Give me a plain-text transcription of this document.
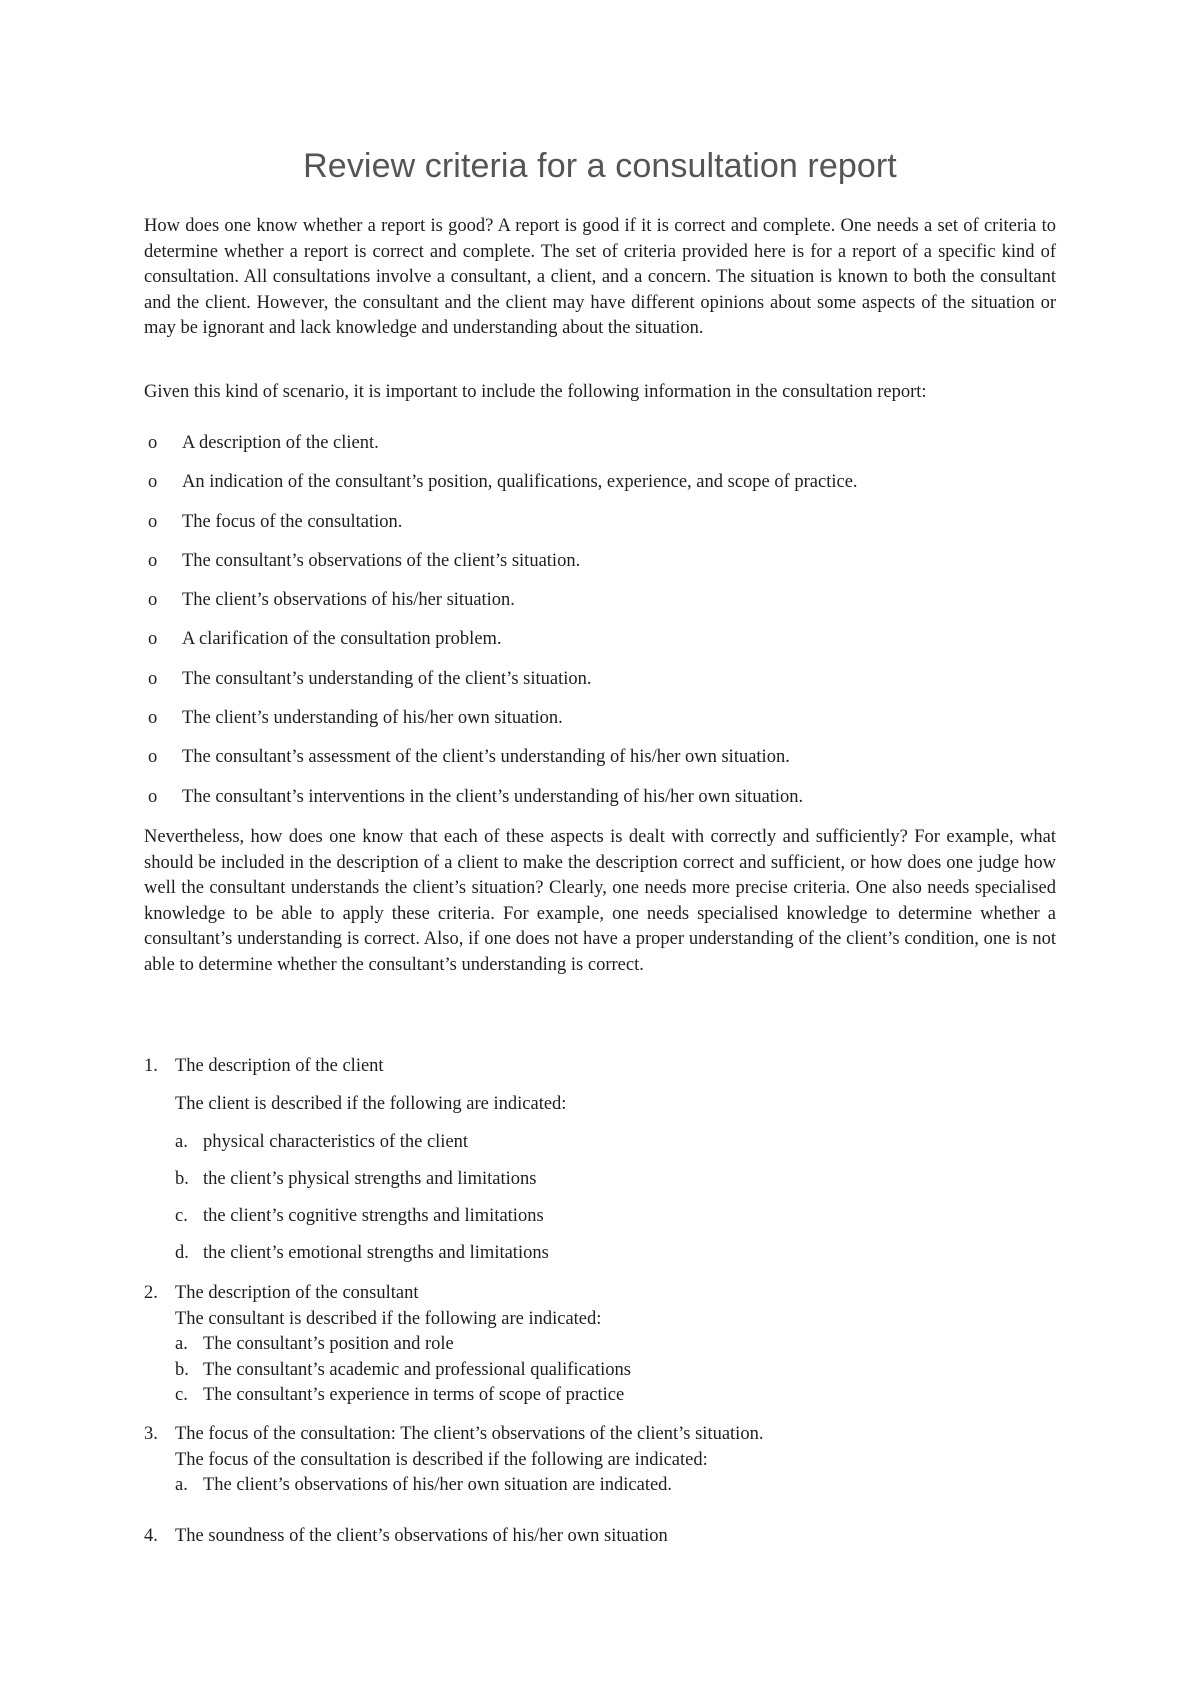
Review criteria for a consultation report

How does one know whether a report is good? A report is good if it is correct and complete. One needs a set of criteria to determine whether a report is correct and complete. The set of criteria provided here is for a report of a specific kind of consultation. All consultations involve a consultant, a client, and a concern. The situation is known to both the consultant and the client. However, the consultant and the client may have different opinions about some aspects of the situation or may be ignorant and lack knowledge and understanding about the situation.

Given this kind of scenario, it is important to include the following information in the consultation report:

o A description of the client.
o An indication of the consultant’s position, qualifications, experience, and scope of practice.
o The focus of the consultation.
o The consultant’s observations of the client’s situation.
o The client’s observations of his/her situation.
o A clarification of the consultation problem.
o The consultant’s understanding of the client’s situation.
o The client’s understanding of his/her own situation.
o The consultant’s assessment of the client’s understanding of his/her own situation.
o The consultant’s interventions in the client’s understanding of his/her own situation.

Nevertheless, how does one know that each of these aspects is dealt with correctly and sufficiently? For example, what should be included in the description of a client to make the description correct and sufficient, or how does one judge how well the consultant understands the client’s situation? Clearly, one needs more precise criteria. One also needs specialised knowledge to be able to apply these criteria. For example, one needs specialised knowledge to determine whether a consultant’s understanding is correct. Also, if one does not have a proper understanding of the client’s condition, one is not able to determine whether the consultant’s understanding is correct.

1. The description of the client
The client is described if the following are indicated:
a. physical characteristics of the client
b. the client’s physical strengths and limitations
c. the client’s cognitive strengths and limitations
d. the client’s emotional strengths and limitations
2. The description of the consultant
The consultant is described if the following are indicated:
a. The consultant’s position and role
b. The consultant’s academic and professional qualifications
c. The consultant’s experience in terms of scope of practice
3. The focus of the consultation: The client’s observations of the client’s situation.
The focus of the consultation is described if the following are indicated:
a. The client’s observations of his/her own situation are indicated.
4. The soundness of the client’s observations of his/her own situation
